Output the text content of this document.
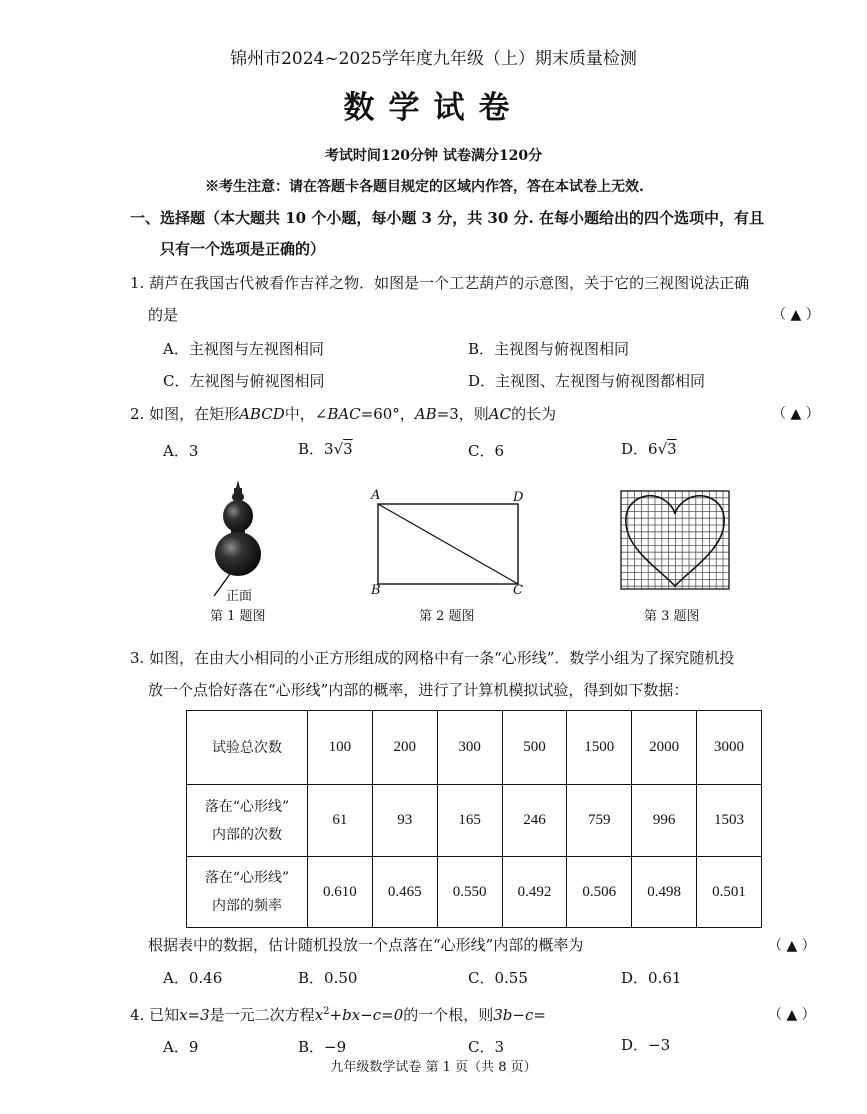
锦州市2024~2025学年度九年级（上）期末质量检测
数学试卷
考试时间120分钟 试卷满分120分
※考生注意：请在答题卡各题目规定的区域内作答，答在本试卷上无效.
一、选择题（本大题共 10 个小题，每小题 3 分，共 30 分. 在每小题给出的四个选项中，有且
只有一个选项是正确的）
1. 葫芦在我国古代被看作吉祥之物．如图是一个工艺葫芦的示意图，关于它的三视图说法正确
的是	（ ▲ ）
A．主视图与左视图相同	B．主视图与俯视图相同
C．左视图与俯视图相同	D．主视图、左视图与俯视图都相同
2. 如图，在矩形ABCD中，∠BAC=60°，AB=3，则AC的长为	（ ▲ ）
A．3	B．3√3	C．6	D．6√3
正面
第 1 题图
A	D
B	C
第 2 题图	第 3 题图
3. 如图，在由大小相同的小正方形组成的网格中有一条“心形线”．数学小组为了探究随机投
放一个点恰好落在“心形线”内部的概率，进行了计算机模拟试验，得到如下数据：
试验总次数	100	200	300	500	1500	2000	3000

落在“心形线”
内部的次数	61	93	165	246	759	996	1503

落在“心形线”
内部的频率	0.610	0.465	0.550	0.492	0.506	0.498	0.501
根据表中的数据，估计随机投放一个点落在“心形线”内部的概率为	（ ▲ ）
A．0.46	B．0.50	C．0.55	D．0.61
4. 已知x=3是一元二次方程$x^2+bx-c=0$的一个根，则3b−c=	（ ▲ ）
A．9	B．−9	C．3	D．−3
九年级数学试卷 第 1 页（共 8 页）
